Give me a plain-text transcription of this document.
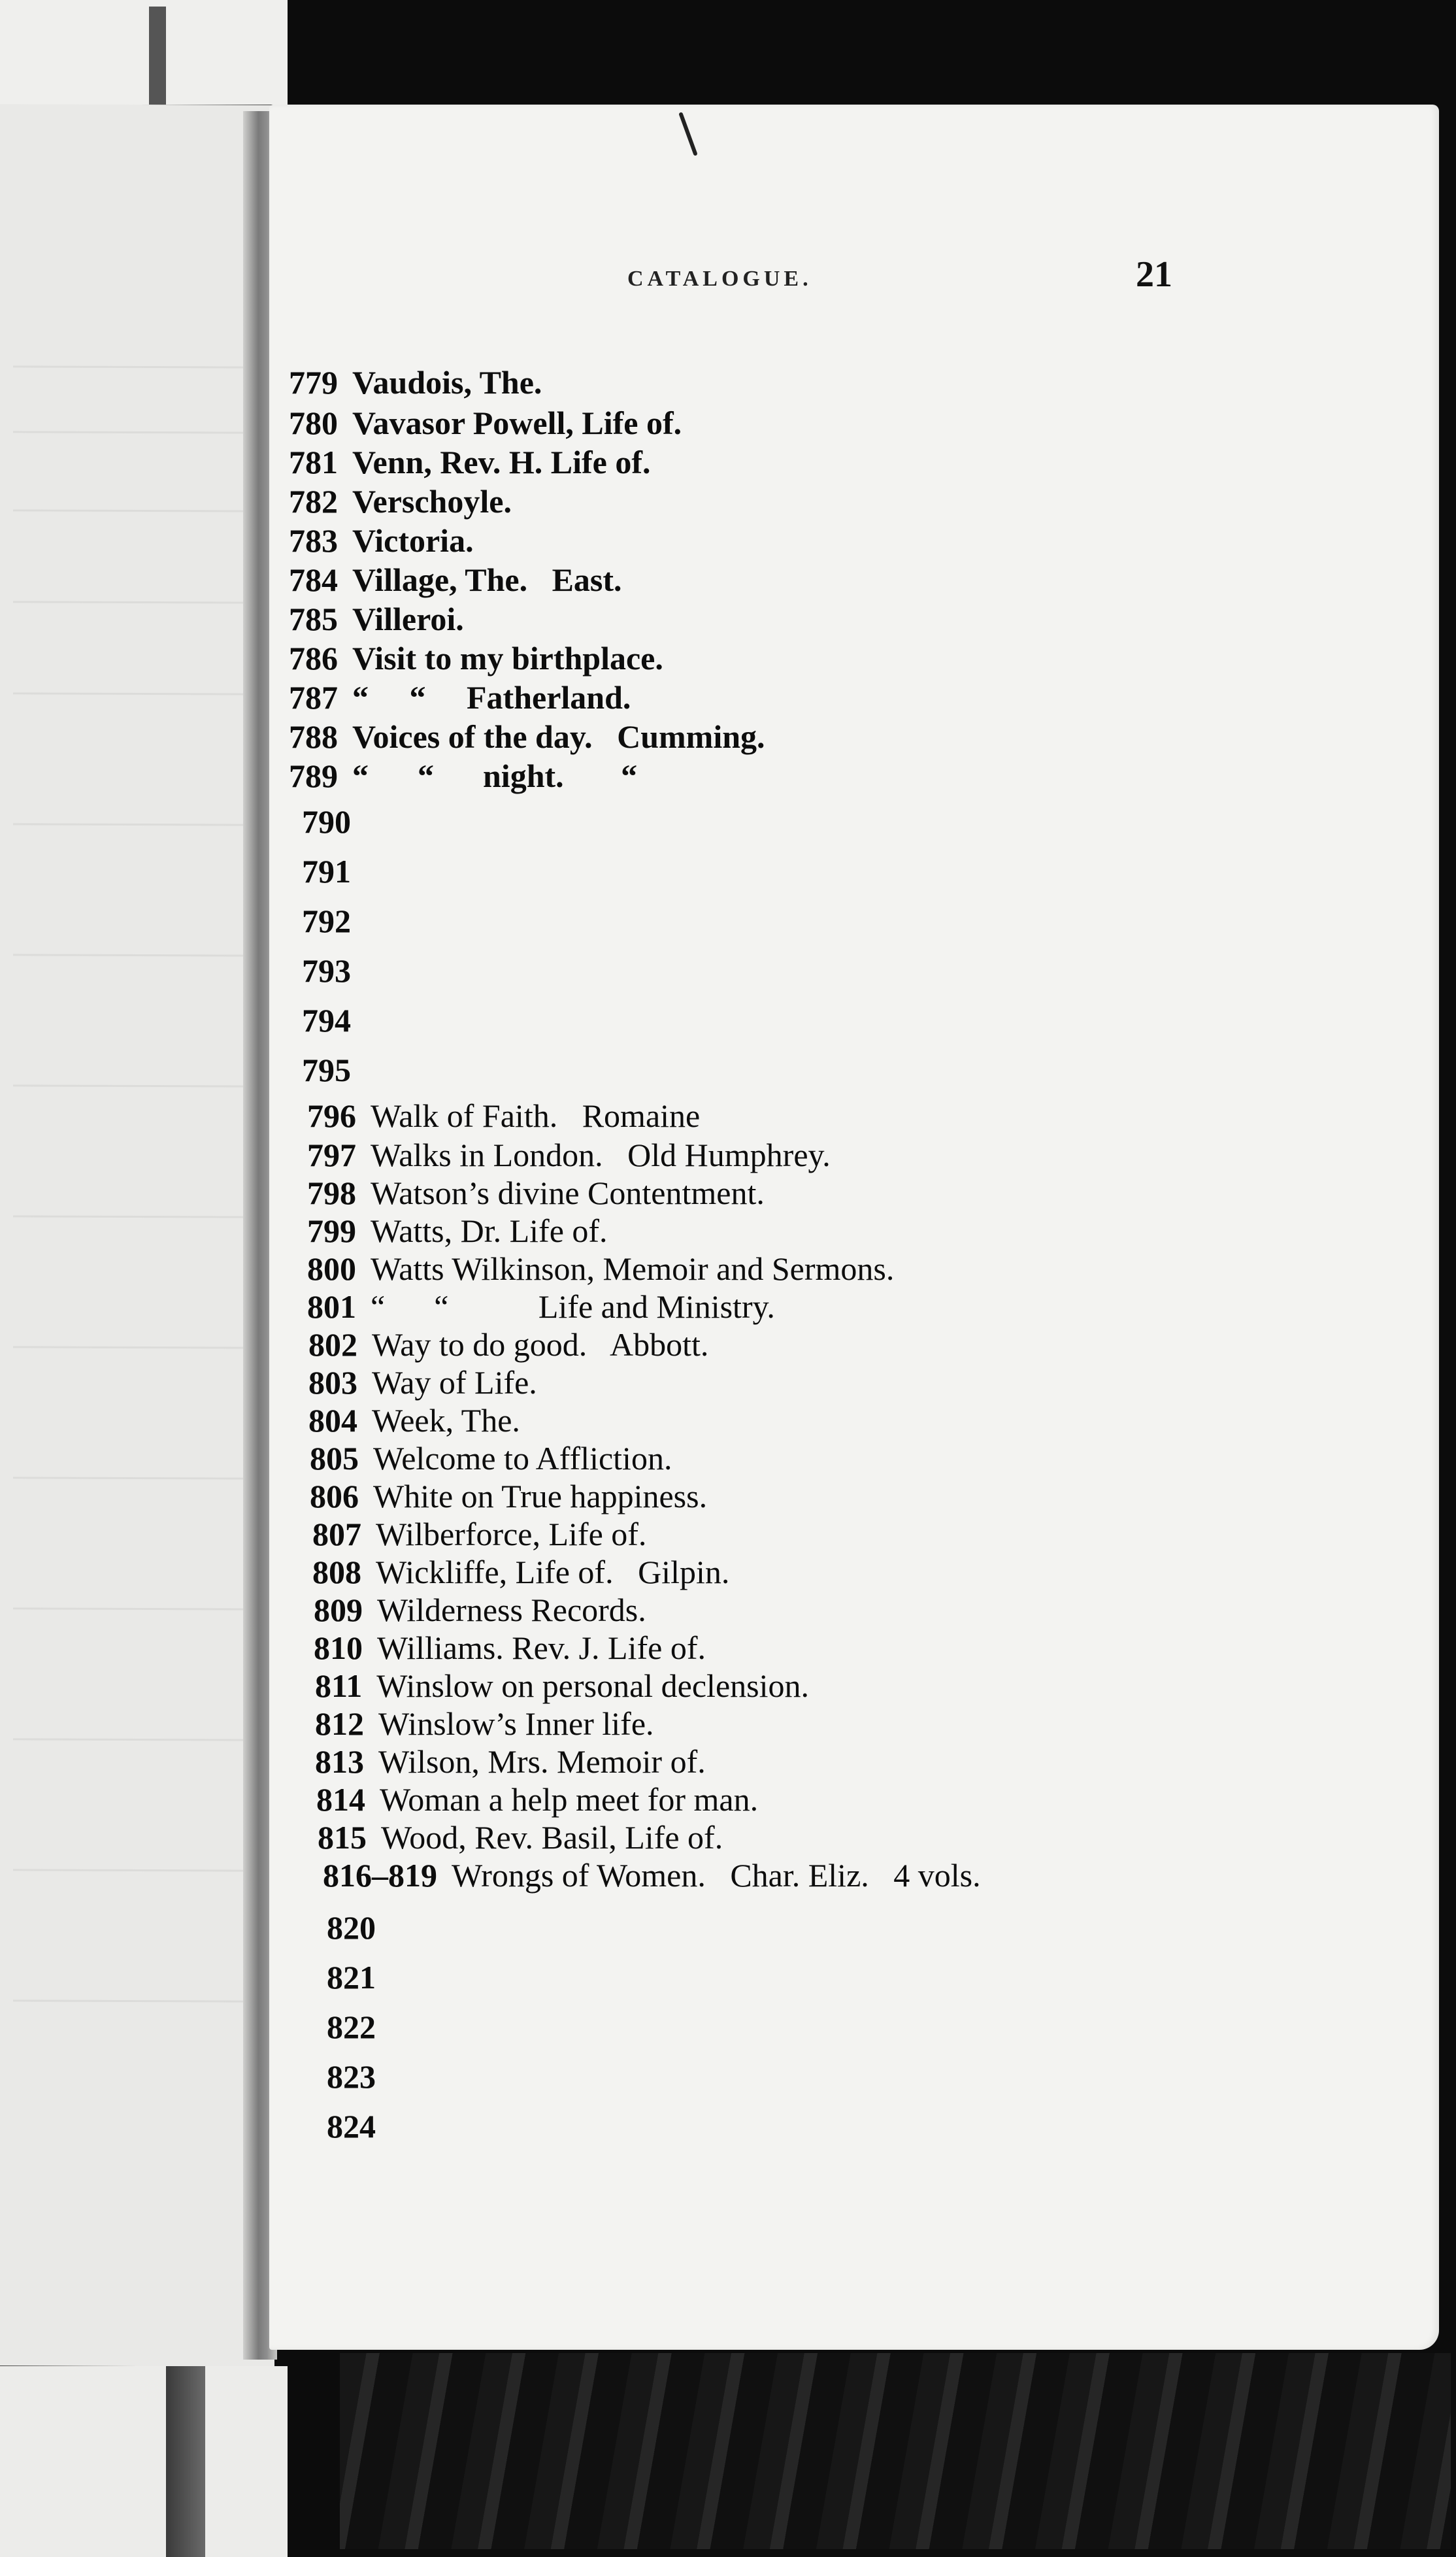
CATALOGUE.	21
779 Vaudois, The.
780 Vavasor Powell, Life of.
781 Venn, Rev. H. Life of.
782 Verschoyle.
783 Victoria.
784 Village, The.   East.
785 Villeroi.
786 Visit to my birthplace.
787 “     “     Fatherland.
788 Voices of the day.   Cumming.
789 “      “      night.       “
790
791
792
793
794
795
796 Walk of Faith.   Romaine
797 Walks in London.   Old Humphrey.
798 Watson’s divine Contentment.
799 Watts, Dr. Life of.
800 Watts Wilkinson, Memoir and Sermons.
801 “      “           Life and Ministry.
802 Way to do good.   Abbott.
803 Way of Life.
804 Week, The.
805 Welcome to Affliction.
806 White on True happiness.
807 Wilberforce, Life of.
808 Wickliffe, Life of.   Gilpin.
809 Wilderness Records.
810 Williams. Rev. J. Life of.
811 Winslow on personal declension.
812 Winslow’s Inner life.
813 Wilson, Mrs. Memoir of.
814 Woman a help meet for man.
815 Wood, Rev. Basil, Life of.
816–819 Wrongs of Women.   Char. Eliz.   4 vols.
820
821
822
823
824
